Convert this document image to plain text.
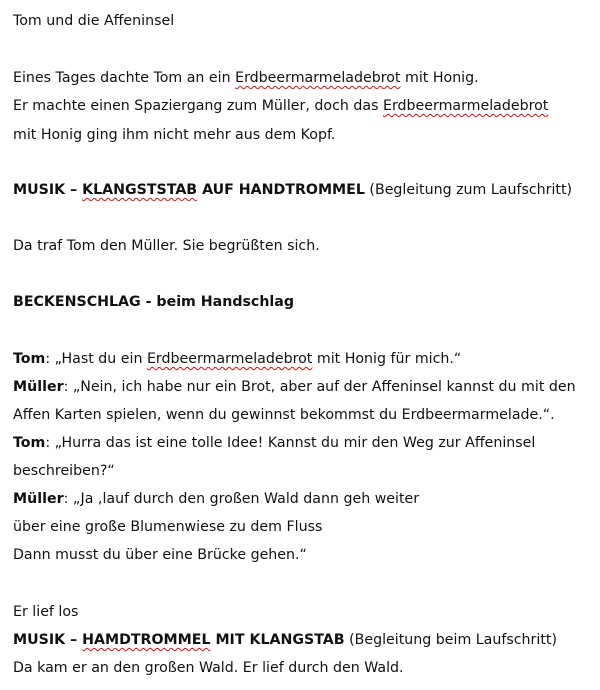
Tom und die Affeninsel
Eines Tages dachte Tom an ein Erdbeermarmeladebrot mit Honig.
Er machte einen Spaziergang zum Müller, doch das Erdbeermarmeladebrot
mit Honig ging ihm nicht mehr aus dem Kopf.
MUSIK – KLANGSTSTAB AUF HANDTROMMEL (Begleitung zum Laufschritt)
Da traf Tom den Müller. Sie begrüßten sich.
BECKENSCHLAG - beim Handschlag
Tom: „Hast du ein Erdbeermarmeladebrot mit Honig für mich.“
Müller: „Nein, ich habe nur ein Brot, aber auf der Affeninsel kannst du mit den
Affen Karten spielen, wenn du gewinnst bekommst du Erdbeermarmelade.“.
Tom: „Hurra das ist eine tolle Idee! Kannst du mir den Weg zur Affeninsel
beschreiben?“
Müller: „Ja ,lauf durch den großen Wald dann geh weiter
über eine große Blumenwiese zu dem Fluss
Dann musst du über eine Brücke gehen.“
Er lief los
MUSIK – HAMDTROMMEL MIT KLANGSTAB (Begleitung beim Laufschritt)
Da kam er an den großen Wald. Er lief durch den Wald.
